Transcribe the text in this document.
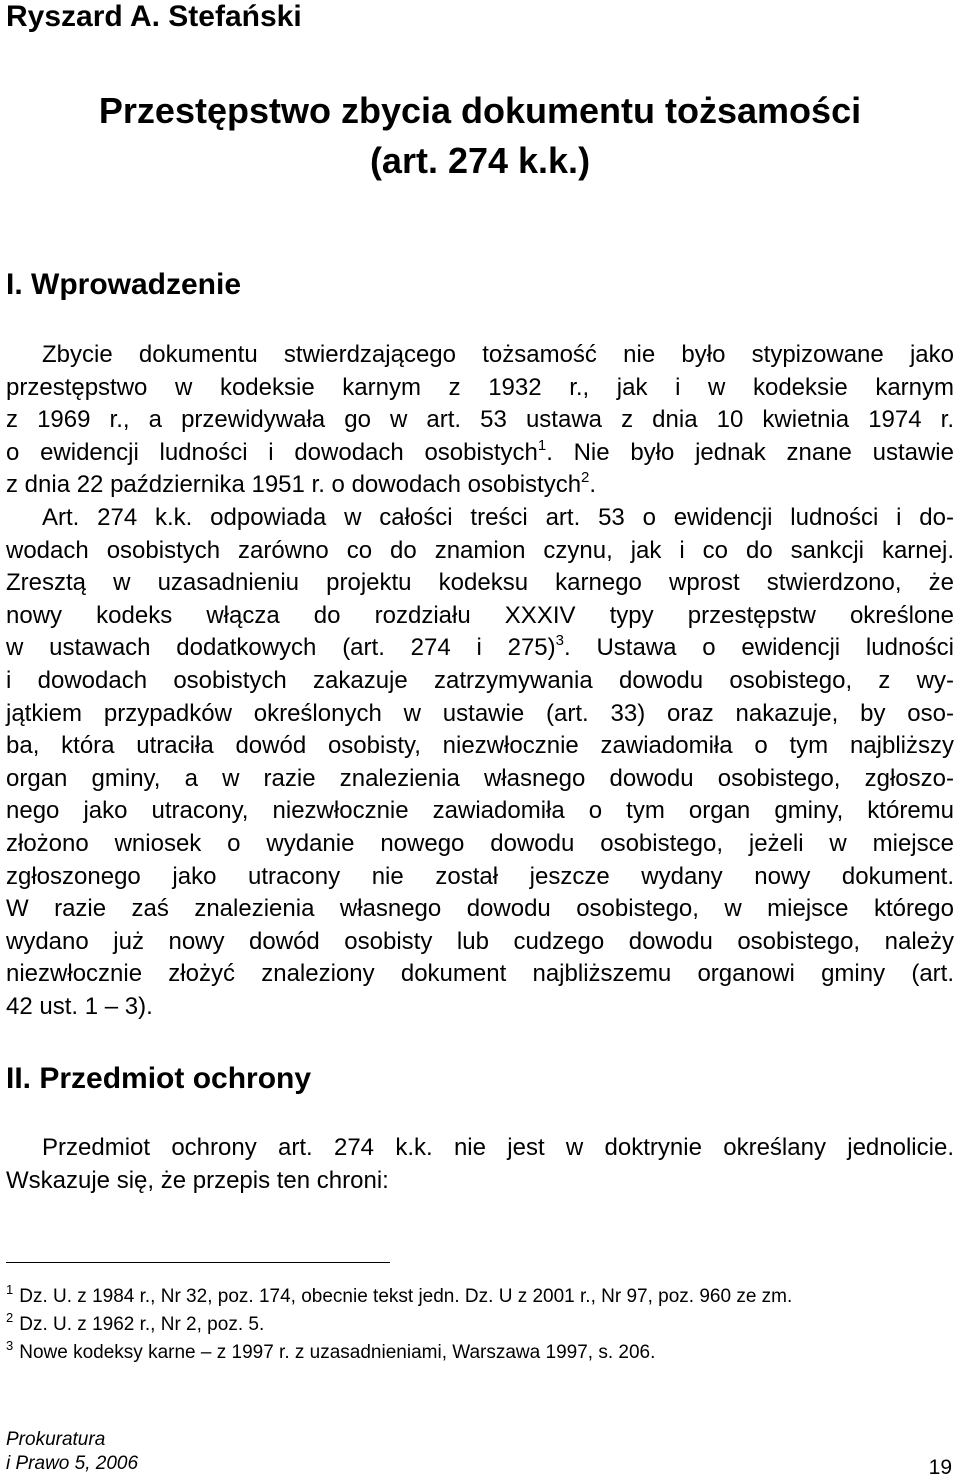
Ryszard A. Stefański
Przestępstwo zbycia dokumentu tożsamości
(art. 274 k.k.)
I. Wprowadzenie
Zbycie dokumentu stwierdzającego tożsamość nie było stypizowane jako
przestępstwo w kodeksie karnym z 1932 r., jak i w kodeksie karnym
z 1969 r., a przewidywała go w art. 53 ustawa z dnia 10 kwietnia 1974 r.
o ewidencji ludności i dowodach osobistych$^1$. Nie było jednak znane ustawie
z dnia 22 października 1951 r. o dowodach osobistych$^2$.
Art. 274 k.k. odpowiada w całości treści art. 53 o ewidencji ludności i do-
wodach osobistych zarówno co do znamion czynu, jak i co do sankcji karnej.
Zresztą w uzasadnieniu projektu kodeksu karnego wprost stwierdzono, że
nowy kodeks włącza do rozdziału XXXIV typy przestępstw określone
w ustawach dodatkowych (art. 274 i 275)$^3$. Ustawa o ewidencji ludności
i dowodach osobistych zakazuje zatrzymywania dowodu osobistego, z wy-
jątkiem przypadków określonych w ustawie (art. 33) oraz nakazuje, by oso-
ba, która utraciła dowód osobisty, niezwłocznie zawiadomiła o tym najbliższy
organ gminy, a w razie znalezienia własnego dowodu osobistego, zgłoszo-
nego jako utracony, niezwłocznie zawiadomiła o tym organ gminy, któremu
złożono wniosek o wydanie nowego dowodu osobistego, jeżeli w miejsce
zgłoszonego jako utracony nie został jeszcze wydany nowy dokument.
W razie zaś znalezienia własnego dowodu osobistego, w miejsce którego
wydano już nowy dowód osobisty lub cudzego dowodu osobistego, należy
niezwłocznie złożyć znaleziony dokument najbliższemu organowi gminy (art.
42 ust. 1 – 3).
II. Przedmiot ochrony
Przedmiot ochrony art. 274 k.k. nie jest w doktrynie określany jednolicie.
Wskazuje się, że przepis ten chroni:
$^1$ Dz. U. z 1984 r., Nr 32, poz. 174, obecnie tekst jedn. Dz. U z 2001 r., Nr 97, poz. 960 ze zm.
$^2$ Dz. U. z 1962 r., Nr 2, poz. 5.
$^3$ Nowe kodeksy karne – z 1997 r. z uzasadnieniami, Warszawa 1997, s. 206.
Prokuratura
i Prawo 5, 2006	19
